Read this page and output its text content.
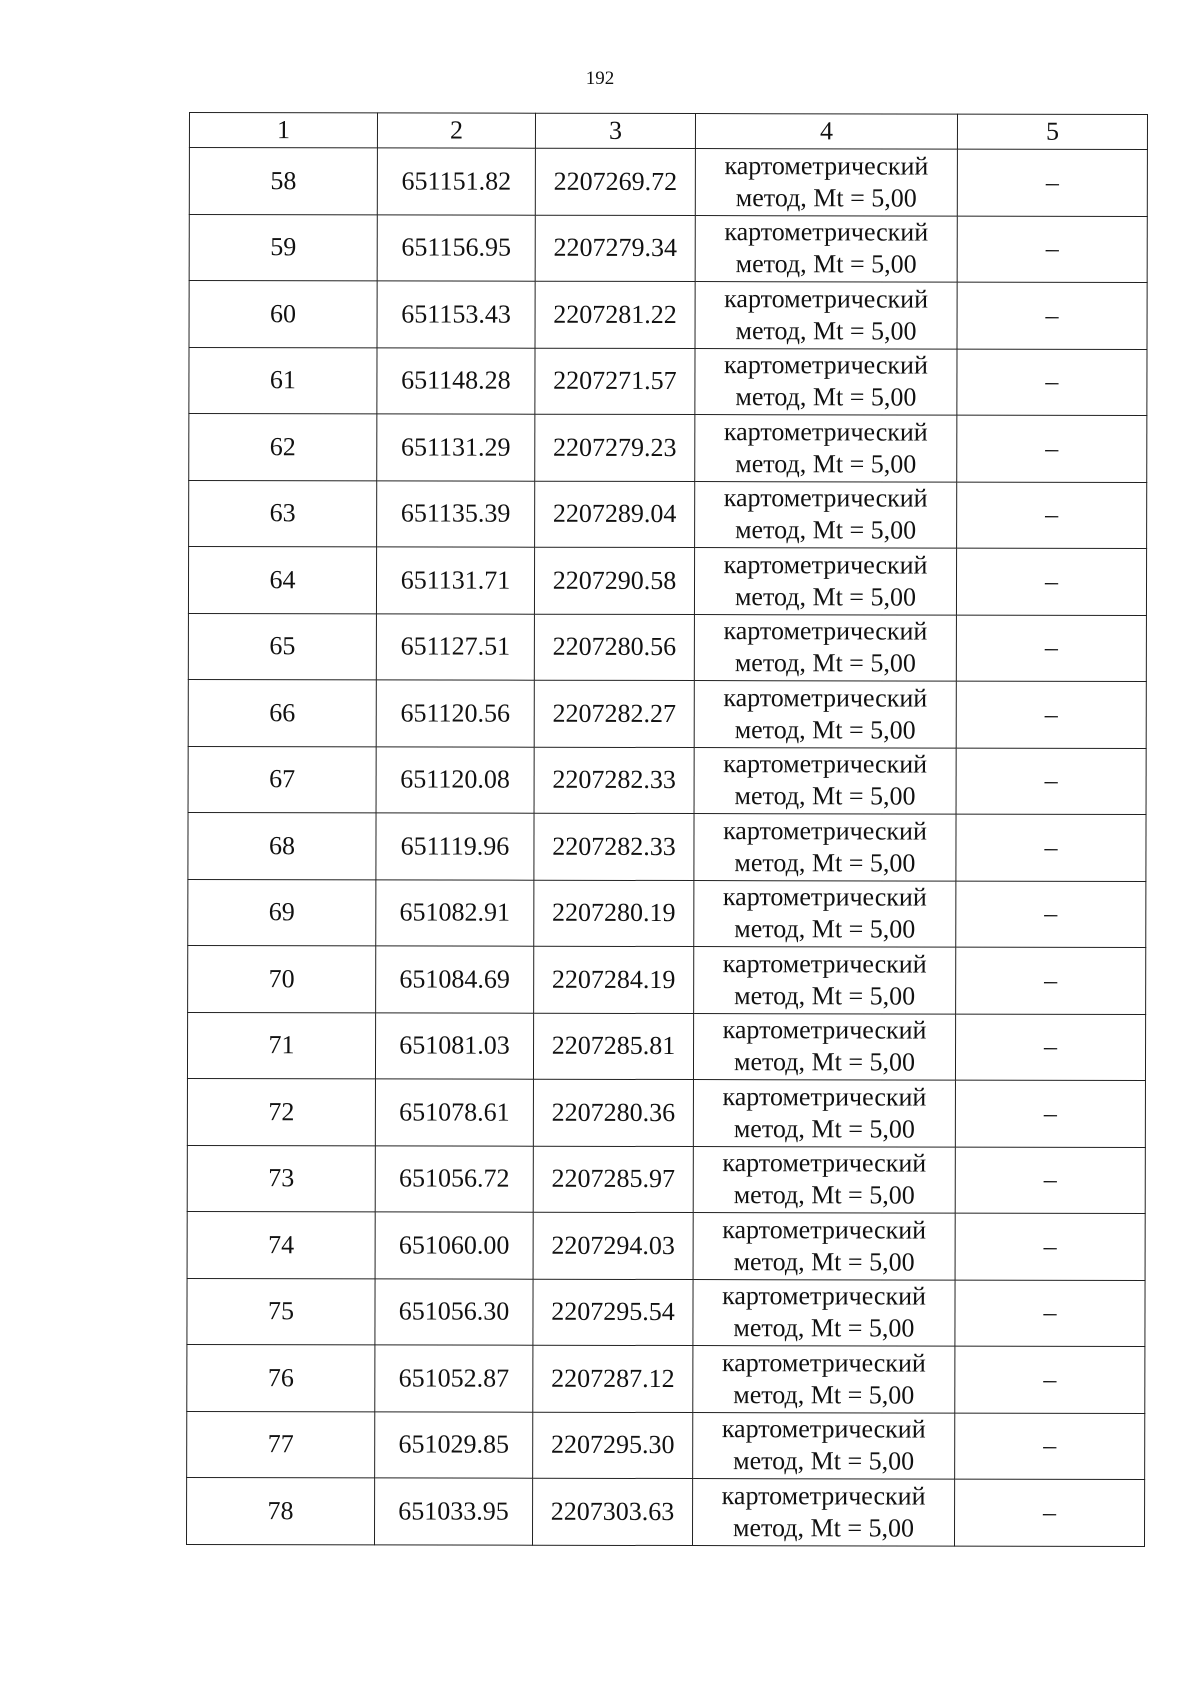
192
1	2	3	4	5
58	651151.82	2207269.72	картометрический
метод, Mt = 5,00	–
59	651156.95	2207279.34	картометрический
метод, Mt = 5,00	–
60	651153.43	2207281.22	картометрический
метод, Mt = 5,00	–
61	651148.28	2207271.57	картометрический
метод, Mt = 5,00	–
62	651131.29	2207279.23	картометрический
метод, Mt = 5,00	–
63	651135.39	2207289.04	картометрический
метод, Mt = 5,00	–
64	651131.71	2207290.58	картометрический
метод, Mt = 5,00	–
65	651127.51	2207280.56	картометрический
метод, Mt = 5,00	–
66	651120.56	2207282.27	картометрический
метод, Mt = 5,00	–
67	651120.08	2207282.33	картометрический
метод, Mt = 5,00	–
68	651119.96	2207282.33	картометрический
метод, Mt = 5,00	–
69	651082.91	2207280.19	картометрический
метод, Mt = 5,00	–
70	651084.69	2207284.19	картометрический
метод, Mt = 5,00	–
71	651081.03	2207285.81	картометрический
метод, Mt = 5,00	–
72	651078.61	2207280.36	картометрический
метод, Mt = 5,00	–
73	651056.72	2207285.97	картометрический
метод, Mt = 5,00	–
74	651060.00	2207294.03	картометрический
метод, Mt = 5,00	–
75	651056.30	2207295.54	картометрический
метод, Mt = 5,00	–
76	651052.87	2207287.12	картометрический
метод, Mt = 5,00	–
77	651029.85	2207295.30	картометрический
метод, Mt = 5,00	–
78	651033.95	2207303.63	картометрический
метод, Mt = 5,00	–
